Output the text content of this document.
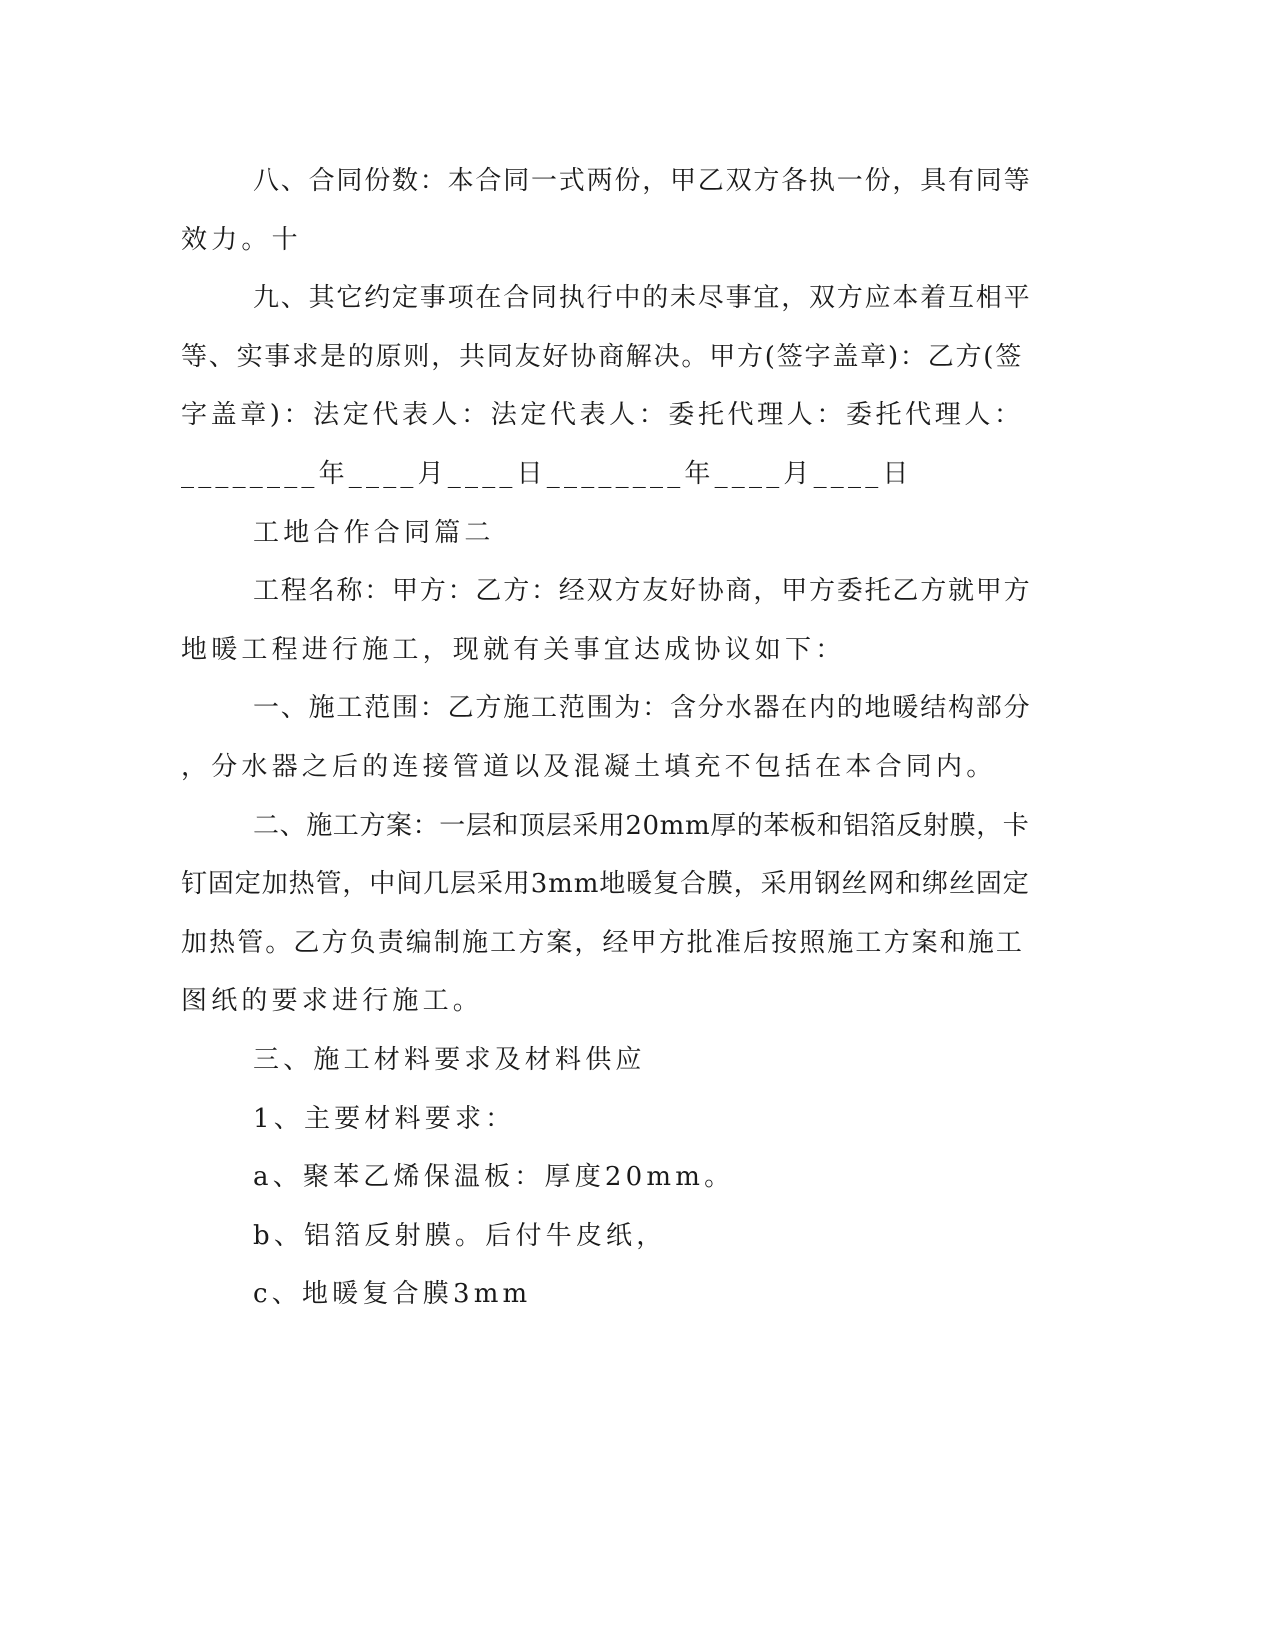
八、合同份数：本合同一式两份，甲乙双方各执一份，具有同等
效力。十
九、其它约定事项在合同执行中的未尽事宜，双方应本着互相平
等、实事求是的原则，共同友好协商解决。甲方(签字盖章)：乙方(签
字盖章)：法定代表人：法定代表人：委托代理人：委托代理人：
________年____月____日________年____月____日
工地合作合同篇二
工程名称：甲方：乙方：经双方友好协商，甲方委托乙方就甲方
地暖工程进行施工，现就有关事宜达成协议如下：
一、施工范围：乙方施工范围为：含分水器在内的地暖结构部分
，分水器之后的连接管道以及混凝土填充不包括在本合同内。
二、施工方案：一层和顶层采用20mm厚的苯板和铝箔反射膜，卡
钉固定加热管，中间几层采用3mm地暖复合膜，采用钢丝网和绑丝固定
加热管。乙方负责编制施工方案，经甲方批准后按照施工方案和施工
图纸的要求进行施工。
三、施工材料要求及材料供应
1、主要材料要求：
a、聚苯乙烯保温板：厚度20mm。
b、铝箔反射膜。后付牛皮纸，
c、地暖复合膜3mm
